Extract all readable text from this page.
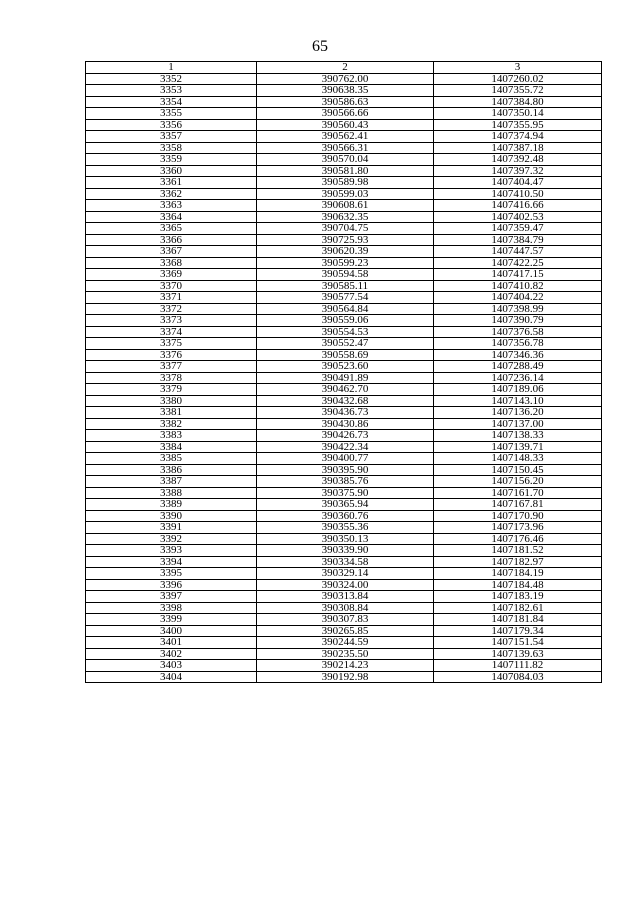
65
1	2	3
3352	390762.00	1407260.02
3353	390638.35	1407355.72
3354	390586.63	1407384.80
3355	390566.66	1407350.14
3356	390560.43	1407355.95
3357	390562.41	1407374.94
3358	390566.31	1407387.18
3359	390570.04	1407392.48
3360	390581.80	1407397.32
3361	390589.98	1407404.47
3362	390599.03	1407410.50
3363	390608.61	1407416.66
3364	390632.35	1407402.53
3365	390704.75	1407359.47
3366	390725.93	1407384.79
3367	390620.39	1407447.57
3368	390599.23	1407422.25
3369	390594.58	1407417.15
3370	390585.11	1407410.82
3371	390577.54	1407404.22
3372	390564.84	1407398.99
3373	390559.06	1407390.79
3374	390554.53	1407376.58
3375	390552.47	1407356.78
3376	390558.69	1407346.36
3377	390523.60	1407288.49
3378	390491.89	1407236.14
3379	390462.70	1407189.06
3380	390432.68	1407143.10
3381	390436.73	1407136.20
3382	390430.86	1407137.00
3383	390426.73	1407138.33
3384	390422.34	1407139.71
3385	390400.77	1407148.33
3386	390395.90	1407150.45
3387	390385.76	1407156.20
3388	390375.90	1407161.70
3389	390365.94	1407167.81
3390	390360.76	1407170.90
3391	390355.36	1407173.96
3392	390350.13	1407176.46
3393	390339.90	1407181.52
3394	390334.58	1407182.97
3395	390329.14	1407184.19
3396	390324.00	1407184.48
3397	390313.84	1407183.19
3398	390308.84	1407182.61
3399	390307.83	1407181.84
3400	390265.85	1407179.34
3401	390244.59	1407151.54
3402	390235.50	1407139.63
3403	390214.23	1407111.82
3404	390192.98	1407084.03
